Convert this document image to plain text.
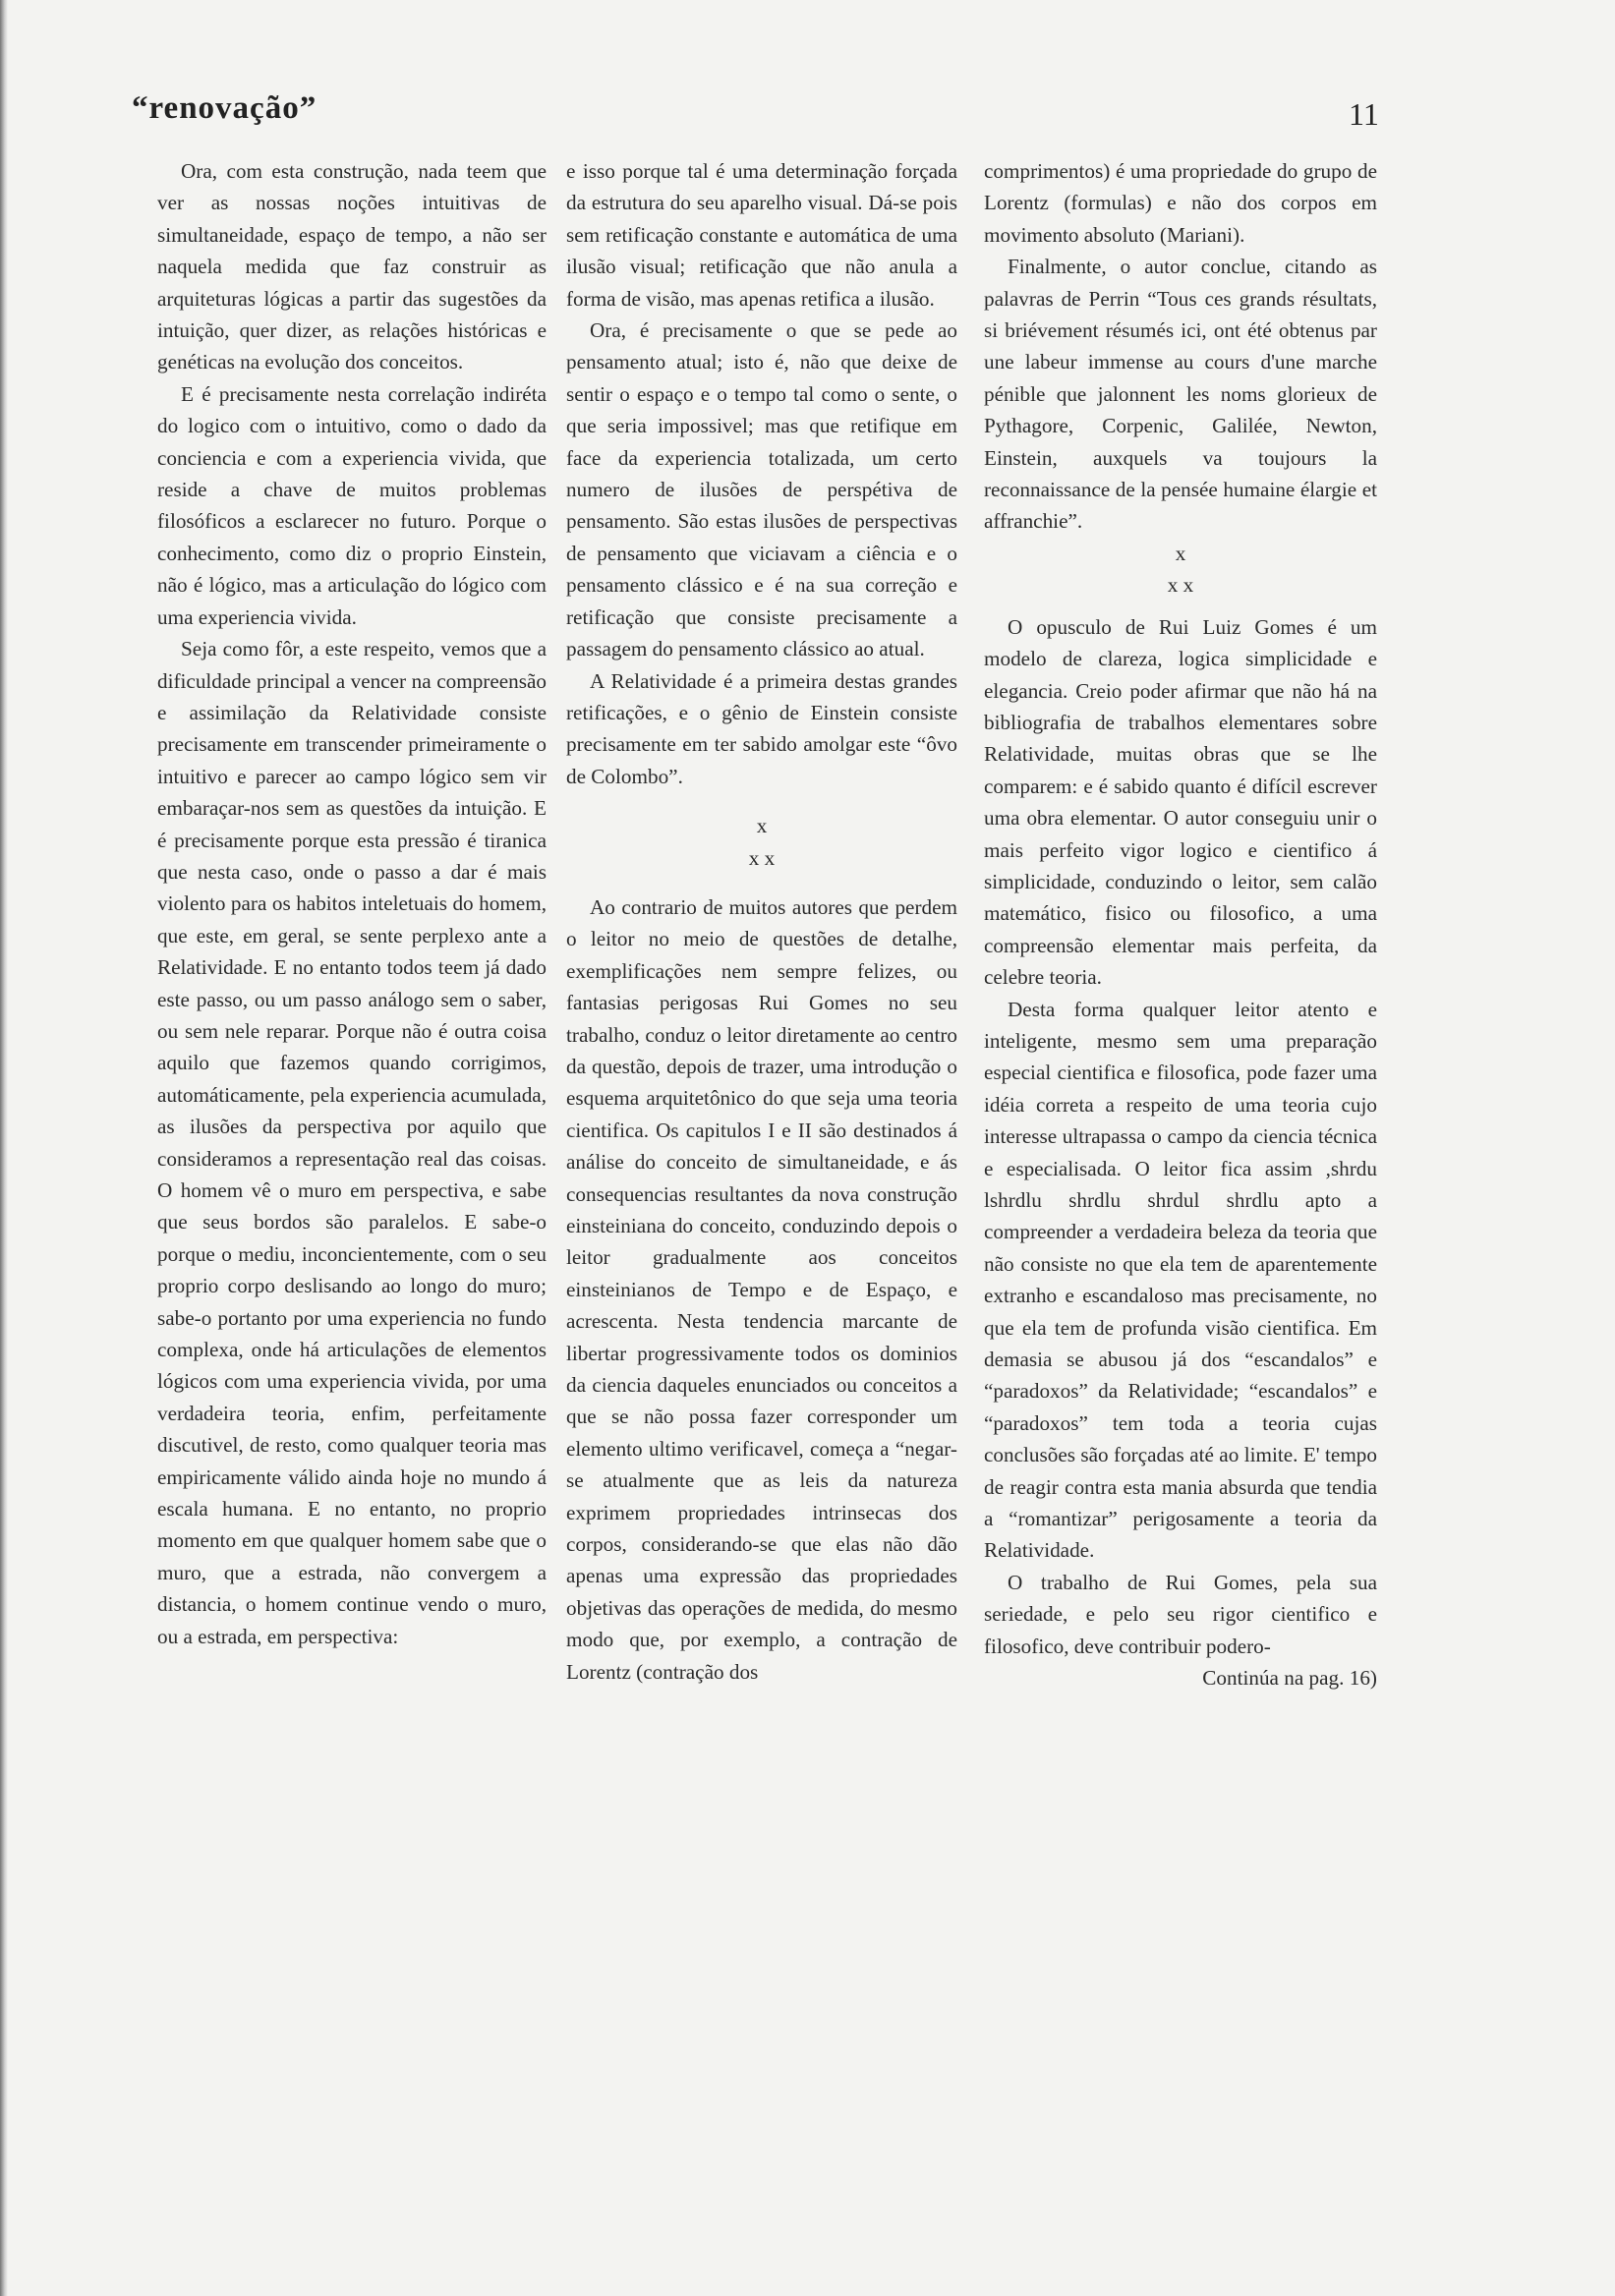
“renovação”	11

Ora, com esta construção, nada teem que ver as nossas noções intuitivas de simultaneidade, espaço de tempo, a não ser naquela medida que faz construir as arquiteturas lógicas a partir das sugestões da intuição, quer dizer, as relações históricas e genéticas na evolução dos conceitos.

E é precisamente nesta correlação indiréta do logico com o intuitivo, como o dado da conciencia e com a experiencia vivida, que reside a chave de muitos problemas filosóficos a esclarecer no futuro. Porque o conhecimento, como diz o proprio Einstein, não é lógico, mas a articulação do lógico com uma experiencia vivida.

Seja como fôr, a este respeito, vemos que a dificuldade principal a vencer na compreensão e assimilação da Relatividade consiste precisamente em transcender primeiramente o intuitivo e parecer ao campo lógico sem vir embaraçar-nos sem as questões da intuição. E é precisamente porque esta pressão é tiranica que nesta caso, onde o passo a dar é mais violento para os habitos inteletuais do homem, que este, em geral, se sente perplexo ante a Relatividade. E no entanto todos teem já dado este passo, ou um passo análogo sem o saber, ou sem nele reparar. Porque não é outra coisa aquilo que fazemos quando corrigimos, automáticamente, pela experiencia acumulada, as ilusões da perspectiva por aquilo que consideramos a representação real das coisas. O homem vê o muro em perspectiva, e sabe que seus bordos são paralelos. E sabe-o porque o mediu, inconcientemente, com o seu proprio corpo deslisando ao longo do muro; sabe-o portanto por uma experiencia no fundo complexa, onde há articulações de elementos lógicos com uma experiencia vivida, por uma verdadeira teoria, enfim, perfeitamente discutivel, de resto, como qualquer teoria mas empiricamente válido ainda hoje no mundo á escala humana. E no entanto, no proprio momento em que qualquer homem sabe que o muro, que a estrada, não convergem a distancia, o homem continue vendo o muro, ou a estrada, em perspectiva:

e isso porque tal é uma determinação forçada da estrutura do seu aparelho visual. Dá-se pois sem retificação constante e automática de uma ilusão visual; retificação que não anula a forma de visão, mas apenas retifica a ilusão.

Ora, é precisamente o que se pede ao pensamento atual; isto é, não que deixe de sentir o espaço e o tempo tal como o sente, o que seria impossivel; mas que retifique em face da experiencia totalizada, um certo numero de ilusões de perspétiva de pensamento. São estas ilusões de perspectivas de pensamento que viciavam a ciência e o pensamento clássico e é na sua correção e retificação que consiste precisamente a passagem do pensamento clássico ao atual.

A Relatividade é a primeira destas grandes retificações, e o gênio de Einstein consiste precisamente em ter sabido amolgar este “ôvo de Colombo”.

x

x x

Ao contrario de muitos autores que perdem o leitor no meio de questões de detalhe, exemplificações nem sempre felizes, ou fantasias perigosas Rui Gomes no seu trabalho, conduz o leitor diretamente ao centro da questão, depois de trazer, uma introdução o esquema arquitetônico do que seja uma teoria cientifica. Os capitulos I e II são destinados á análise do conceito de simultaneidade, e ás consequencias resultantes da nova construção einsteiniana do conceito, conduzindo depois o leitor gradualmente aos conceitos einsteinianos de Tempo e de Espaço, e acrescenta. Nesta tendencia marcante de libertar progressivamente todos os dominios da ciencia daqueles enunciados ou conceitos a que se não possa fazer corresponder um elemento ultimo verificavel, começa a “negar-se atualmente que as leis da natureza exprimem propriedades intrinsecas dos corpos, considerando-se que elas não dão apenas uma expressão das propriedades objetivas das operações de medida, do mesmo modo que, por exemplo, a contração de Lorentz (contração dos

comprimentos) é uma propriedade do grupo de Lorentz (formulas) e não dos corpos em movimento absoluto (Mariani).

Finalmente, o autor conclue, citando as palavras de Perrin “Tous ces grands résultats, si briévement résumés ici, ont été obtenus par une labeur immense au cours d'une marche pénible que jalonnent les noms glorieux de Pythagore, Corpenic, Galilée, Newton, Einstein, auxquels va toujours la reconnaissance de la pensée humaine élargie et affranchie”.

x

x x

O opusculo de Rui Luiz Gomes é um modelo de clareza, logica simplicidade e elegancia. Creio poder afirmar que não há na bibliografia de trabalhos elementares sobre Relatividade, muitas obras que se lhe comparem: e é sabido quanto é difícil escrever uma obra elementar. O autor conseguiu unir o mais perfeito vigor logico e cientifico á simplicidade, conduzindo o leitor, sem calão matemático, fisico ou filosofico, a uma compreensão elementar mais perfeita, da celebre teoria.

Desta forma qualquer leitor atento e inteligente, mesmo sem uma preparação especial cientifica e filosofica, pode fazer uma idéia correta a respeito de uma teoria cujo interesse ultrapassa o campo da ciencia técnica e especialisada. O leitor fica assim ,shrdu lshrdlu shrdlu shrdul shrdlu apto a compreender a verdadeira beleza da teoria que não consiste no que ela tem de aparentemente extranho e escandaloso mas precisamente, no que ela tem de profunda visão cientifica. Em demasia se abusou já dos “escandalos” e “paradoxos” da Relatividade; “escandalos” e “paradoxos” tem toda a teoria cujas conclusões são forçadas até ao limite. E' tempo de reagir contra esta mania absurda que tendia a “romantizar” perigosamente a teoria da Relatividade.

O trabalho de Rui Gomes, pela sua seriedade, e pelo seu rigor cientifico e filosofico, deve contribuir podero-

Continúa na pag. 16)
